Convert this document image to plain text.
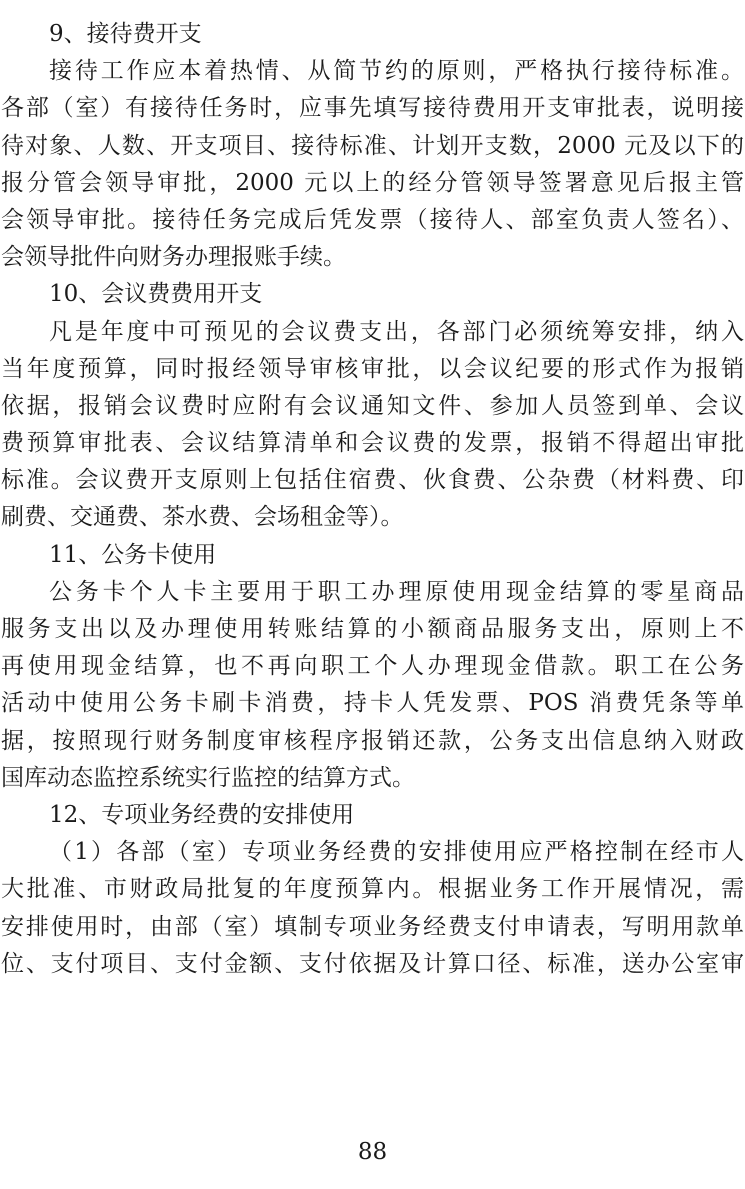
9、接待费开支
接待工作应本着热情、从简节约的原则，严格执行接待标准。
各部（室）有接待任务时，应事先填写接待费用开支审批表，说明接
待对象、人数、开支项目、接待标准、计划开支数，2000 元及以下的
报分管会领导审批，2000 元以上的经分管领导签署意见后报主管
会领导审批。接待任务完成后凭发票（接待人、部室负责人签名）、
会领导批件向财务办理报账手续。
10、会议费费用开支
凡是年度中可预见的会议费支出，各部门必须统筹安排，纳入
当年度预算，同时报经领导审核审批，以会议纪要的形式作为报销
依据，报销会议费时应附有会议通知文件、参加人员签到单、会议
费预算审批表、会议结算清单和会议费的发票，报销不得超出审批
标准。会议费开支原则上包括住宿费、伙食费、公杂费（材料费、印
刷费、交通费、茶水费、会场租金等）。
11、公务卡使用
公务卡个人卡主要用于职工办理原使用现金结算的零星商品
服务支出以及办理使用转账结算的小额商品服务支出，原则上不
再使用现金结算，也不再向职工个人办理现金借款。职工在公务
活动中使用公务卡刷卡消费，持卡人凭发票、POS 消费凭条等单
据，按照现行财务制度审核程序报销还款，公务支出信息纳入财政
国库动态监控系统实行监控的结算方式。
12、专项业务经费的安排使用
（1）各部（室）专项业务经费的安排使用应严格控制在经市人
大批准、市财政局批复的年度预算内。根据业务工作开展情况，需
安排使用时，由部（室）填制专项业务经费支付申请表，写明用款单
位、支付项目、支付金额、支付依据及计算口径、标准，送办公室审
88
